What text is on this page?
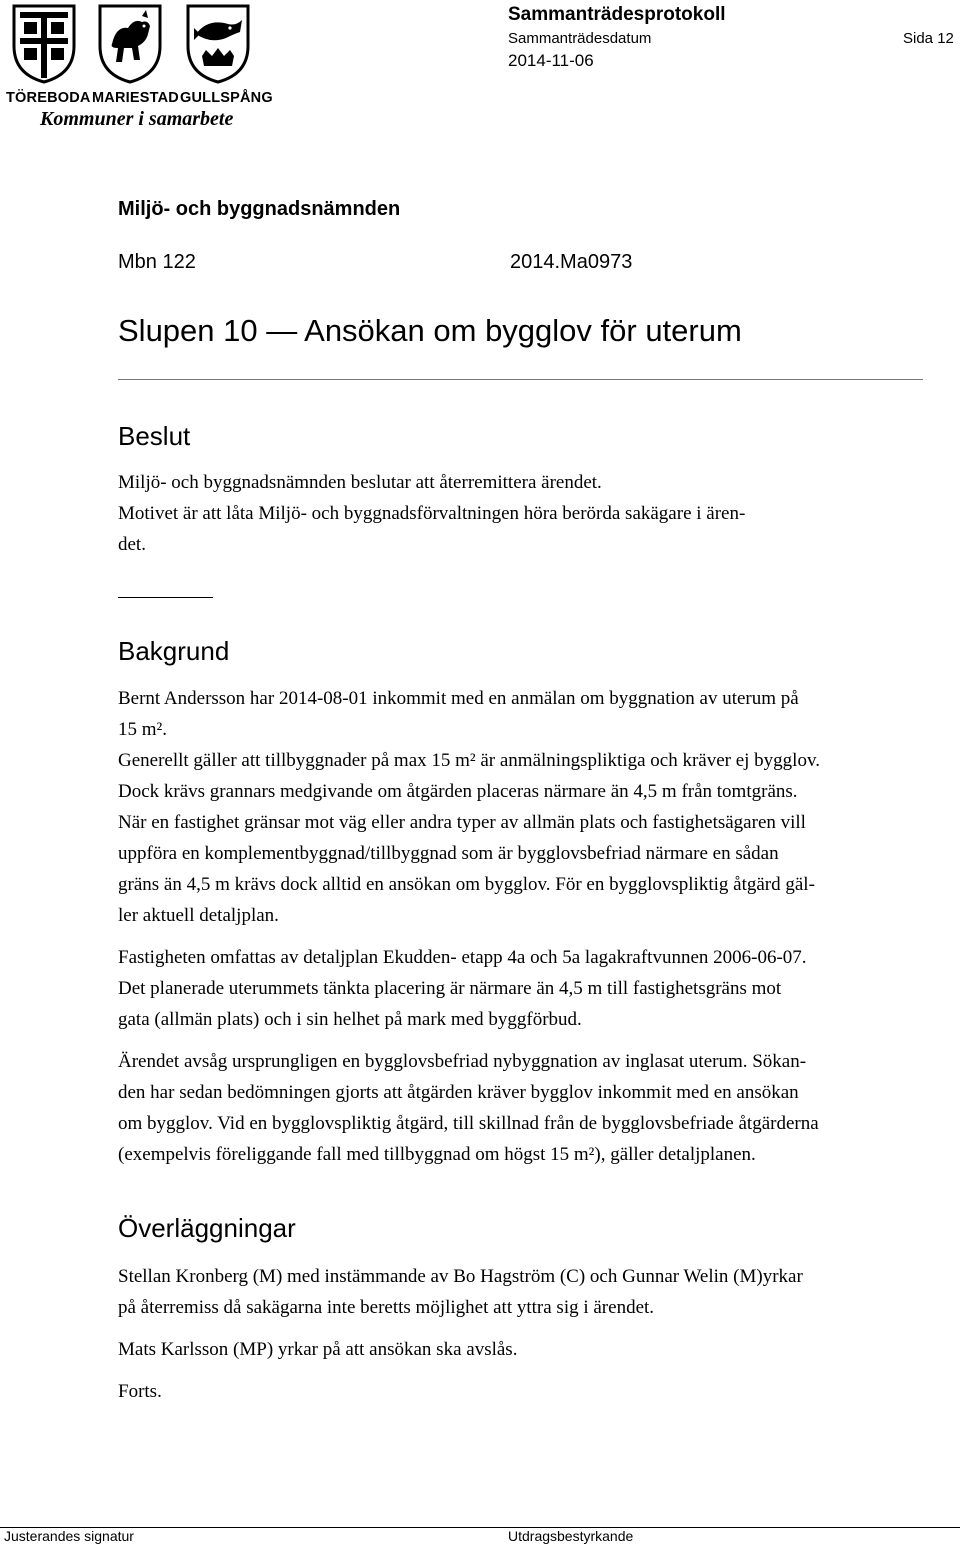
TÖREBODA MARIESTAD GULLSPÅNG
Kommuner i samarbete
Sammanträdesprotokoll
Sammanträdesdatum	Sida 12
2014-11-06
Miljö- och byggnadsnämnden
Mbn 122	2014.Ma0973
Slupen 10 — Ansökan om bygglov för uterum
Beslut

Miljö- och byggnadsnämnden beslutar att återremittera ärendet.

Motivet är att låta Miljö- och byggnadsförvaltningen höra berörda sakägare i ären-

det.

Bakgrund

Bernt Andersson har 2014-08-01 inkommit med en anmälan om byggnation av uterum på

15 m².

Generellt gäller att tillbyggnader på max 15 m² är anmälningspliktiga och kräver ej bygglov.

Dock krävs grannars medgivande om åtgärden placeras närmare än 4,5 m från tomtgräns.

När en fastighet gränsar mot väg eller andra typer av allmän plats och fastighetsägaren vill

uppföra en komplementbyggnad/tillbyggnad som är bygglovsbefriad närmare en sådan

gräns än 4,5 m krävs dock alltid en ansökan om bygglov. För en bygglovspliktig åtgärd gäl-

ler aktuell detaljplan.

Fastigheten omfattas av detaljplan Ekudden- etapp 4a och 5a lagakraftvunnen 2006-06-07.

Det planerade uterummets tänkta placering är närmare än 4,5 m till fastighetsgräns mot

gata (allmän plats) och i sin helhet på mark med byggförbud.

Ärendet avsåg ursprungligen en bygglovsbefriad nybyggnation av inglasat uterum. Sökan-

den har sedan bedömningen gjorts att åtgärden kräver bygglov inkommit med en ansökan

om bygglov. Vid en bygglovspliktig åtgärd, till skillnad från de bygglovsbefriade åtgärderna

(exempelvis föreliggande fall med tillbyggnad om högst 15 m²), gäller detaljplanen.

Överläggningar

Stellan Kronberg (M) med instämmande av Bo Hagström (C) och Gunnar Welin (M)yrkar

på återremiss då sakägarna inte beretts möjlighet att yttra sig i ärendet.

Mats Karlsson (MP) yrkar på att ansökan ska avslås.

Forts.

Justerandes signatur	Utdragsbestyrkande
